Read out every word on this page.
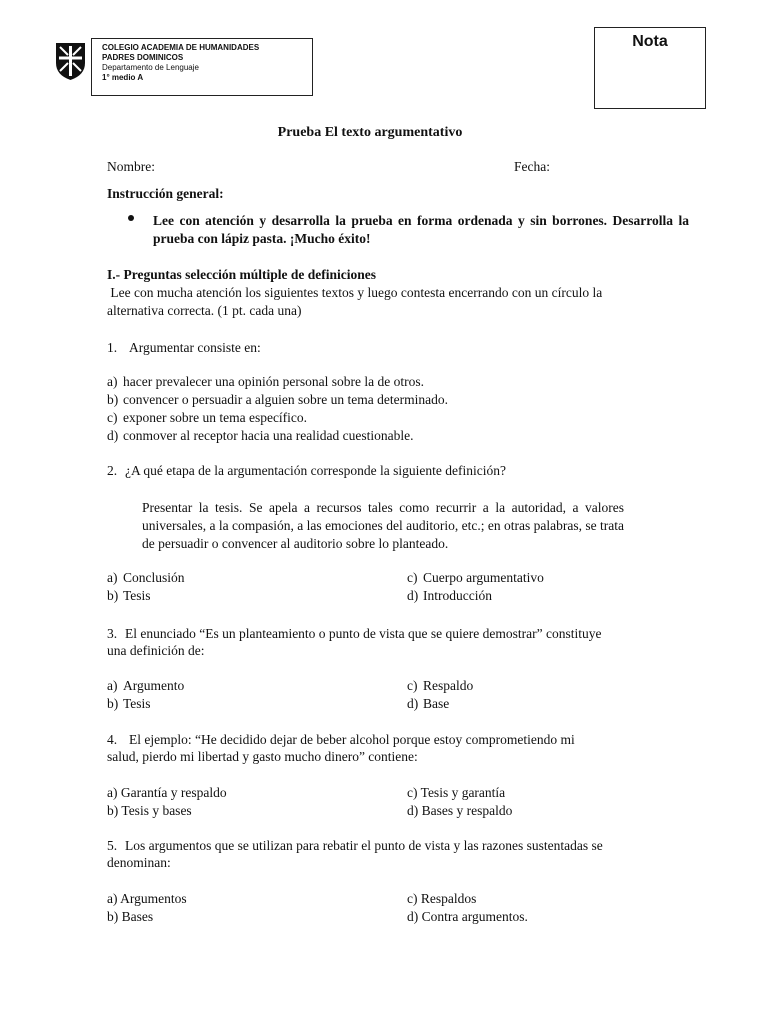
COLEGIO ACADEMIA DE HUMANIDADES
PADRES DOMINICOS
Departamento de Lenguaje
1° medio A
Nota
Prueba El texto argumentativo
Nombre:	Fecha:
Instrucción general:
Lee con atención y desarrolla la prueba en forma ordenada y sin borrones. Desarrolla la prueba con lápiz pasta. ¡Mucho éxito!
I.- Preguntas selección múltiple de definiciones
Lee con mucha atención los siguientes textos y luego contesta encerrando con un círculo la
alternativa correcta. (1 pt. cada una)
1. Argumentar consiste en:
a) hacer prevalecer una opinión personal sobre la de otros.
b) convencer o persuadir a alguien sobre un tema determinado.
c) exponer sobre un tema específico.
d) conmover al receptor hacia una realidad cuestionable.
2. ¿A qué etapa de la argumentación corresponde la siguiente definición?
Presentar la tesis. Se apela a recursos tales como recurrir a la autoridad, a valores universales, a la compasión, a las emociones del auditorio, etc.; en otras palabras, se trata de persuadir o convencer al auditorio sobre lo planteado.
a) Conclusión
b) Tesis
c) Cuerpo argumentativo
d) Introducción
3. El enunciado “Es un planteamiento o punto de vista que se quiere demostrar” constituye
una definición de:
a) Argumento
b) Tesis
c) Respaldo
d) Base
4. El ejemplo: “He decidido dejar de beber alcohol porque estoy comprometiendo mi
salud, pierdo mi libertad y gasto mucho dinero” contiene:
a) Garantía y respaldo
b) Tesis y bases
c) Tesis y garantía
d) Bases y respaldo
5. Los argumentos que se utilizan para rebatir el punto de vista y las razones sustentadas se
denominan:
a) Argumentos
b) Bases
c) Respaldos
d) Contra argumentos.
